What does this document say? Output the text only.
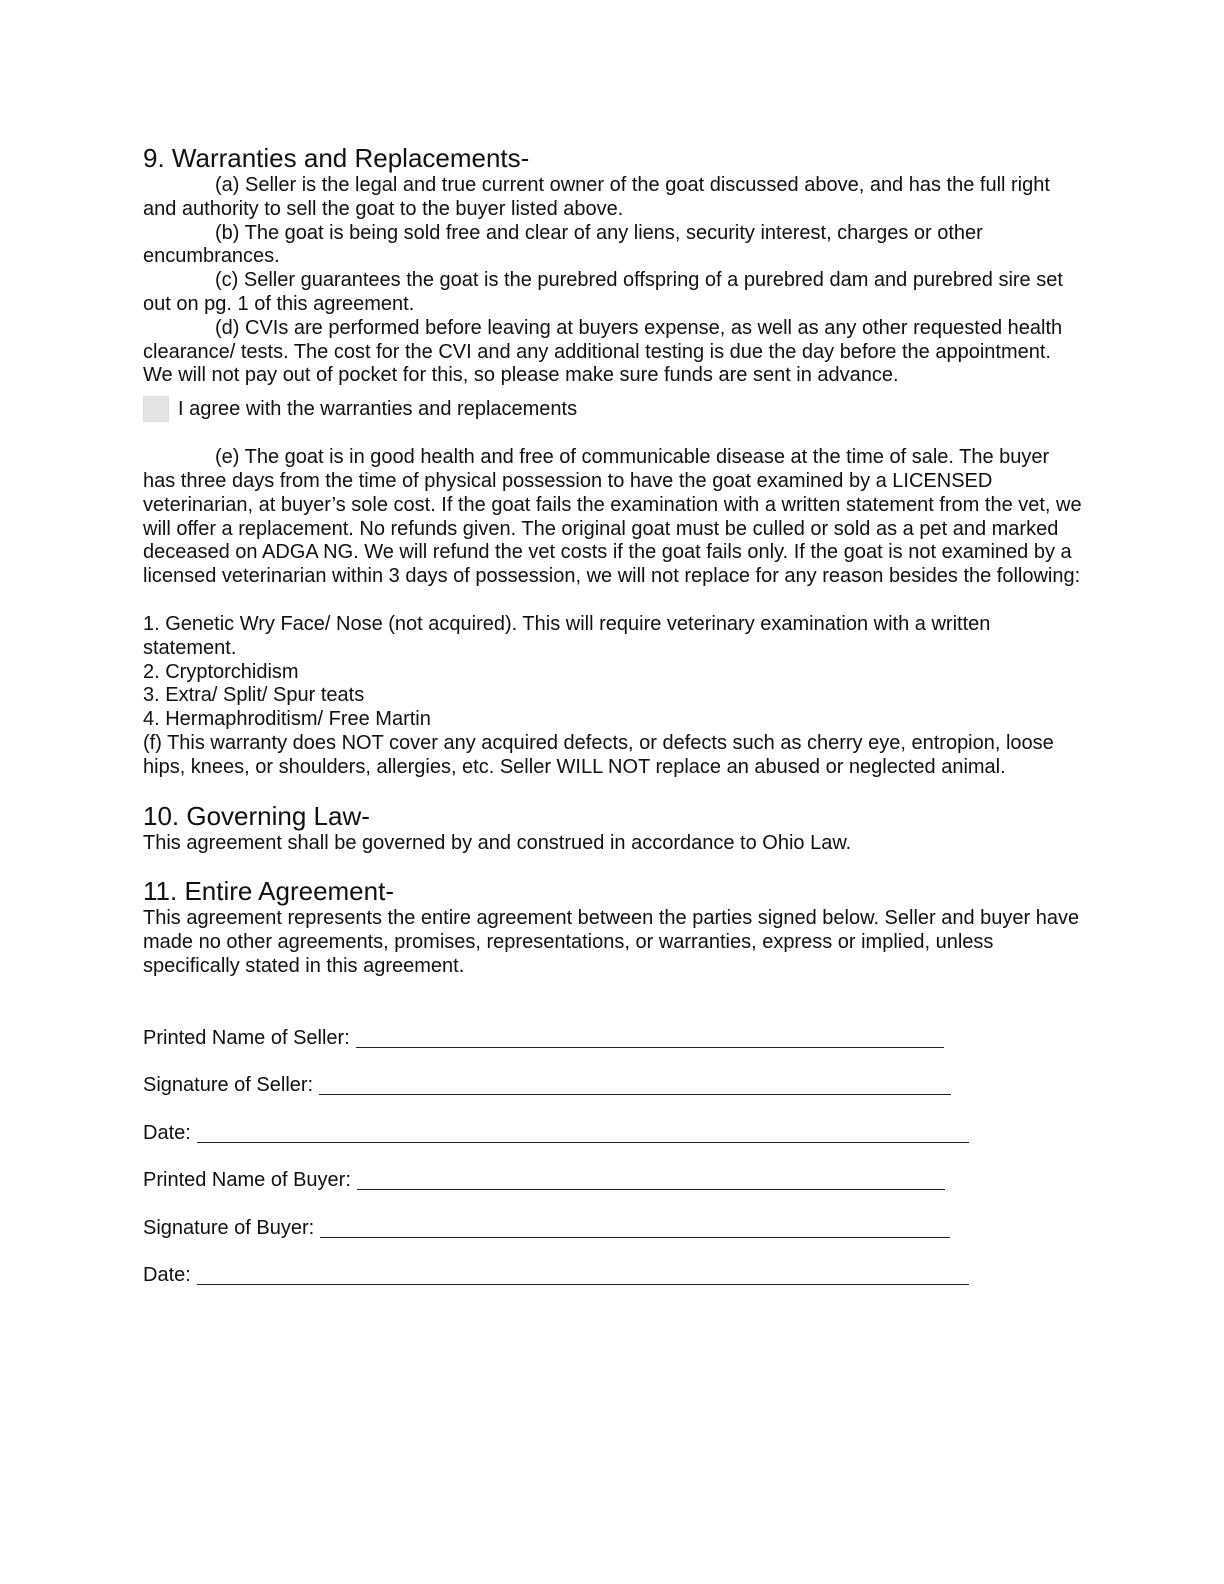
9. Warranties and Replacements-

(a) Seller is the legal and true current owner of the goat discussed above, and has the full right and authority to sell the goat to the buyer listed above.

(b) The goat is being sold free and clear of any liens, security interest, charges or other encumbrances.

(c) Seller guarantees the goat is the purebred offspring of a purebred dam and purebred sire set out on pg. 1 of this agreement.

(d) CVIs are performed before leaving at buyers expense, as well as any other requested health clearance/ tests. The cost for the CVI and any additional testing is due the day before the appointment. We will not pay out of pocket for this, so please make sure funds are sent in advance.

I agree with the warranties and replacements

(e) The goat is in good health and free of communicable disease at the time of sale. The buyer has three days from the time of physical possession to have the goat examined by a LICENSED veterinarian, at buyer’s sole cost. If the goat fails the examination with a written statement from the vet, we will offer a replacement. No refunds given. The original goat must be culled or sold as a pet and marked deceased on ADGA NG. We will refund the vet costs if the goat fails only. If the goat is not examined by a licensed veterinarian within 3 days of possession, we will not replace for any reason besides the following:

1. Genetic Wry Face/ Nose (not acquired). This will require veterinary examination with a written statement.

2. Cryptorchidism

3. Extra/ Split/ Spur teats

4. Hermaphroditism/ Free Martin

(f) This warranty does NOT cover any acquired defects, or defects such as cherry eye, entropion, loose hips, knees, or shoulders, allergies, etc. Seller WILL NOT replace an abused or neglected animal.

10. Governing Law-

This agreement shall be governed by and construed in accordance to Ohio Law.

11. Entire Agreement-

This agreement represents the entire agreement between the parties signed below. Seller and buyer have made no other agreements, promises, representations, or warranties, express or implied, unless specifically stated in this agreement.

Printed Name of Seller:
Signature of Seller:
Date:
Printed Name of Buyer:
Signature of Buyer:
Date:
